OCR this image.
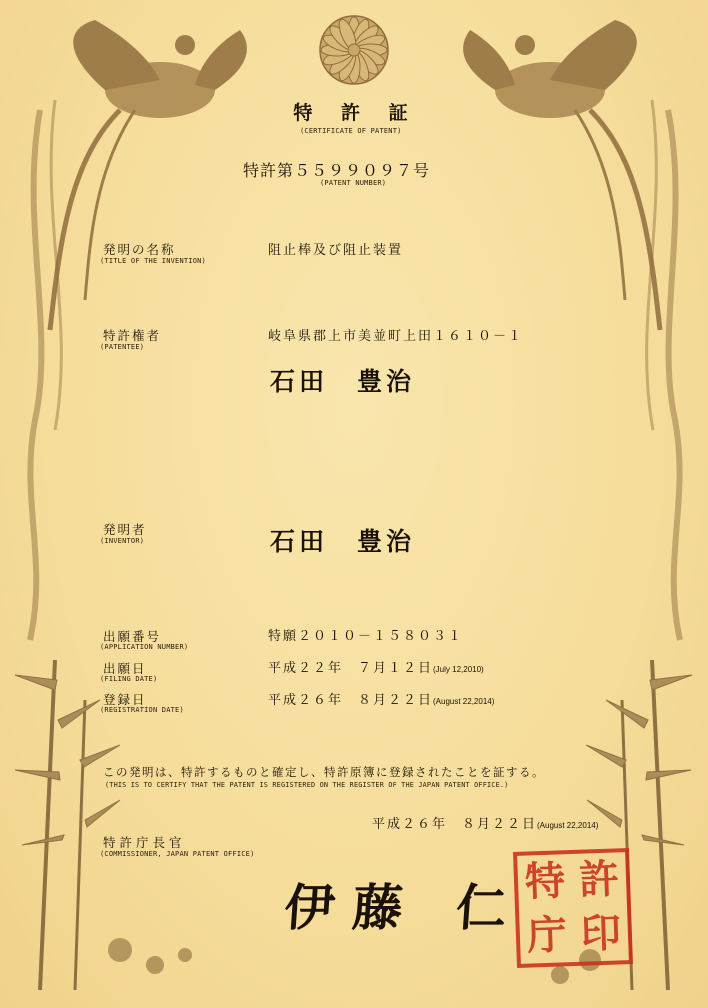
特 許 証
(CERTIFICATE OF PATENT)
特許第５５９９０９７号
(PATENT NUMBER)
発明の名称
(TITLE OF THE INVENTION)
阻止棒及び阻止装置
特許権者
(PATENTEE)
岐阜県郡上市美並町上田１６１０－１
石田　豊治
発明者
(INVENTOR)	石田　豊治
出願番号
(APPLICATION NUMBER)
特願２０１０－１５８０３１
出願日
(FILING DATE)
平成２２年　７月１２日(July 12,2010)
登録日
(REGISTRATION DATE)
平成２６年　８月２２日(August 22,2014)
この発明は、特許するものと確定し、特許原簿に登録されたことを証する。
(THIS IS TO CERTIFY THAT THE PATENT IS REGISTERED ON THE REGISTER OF THE JAPAN PATENT OFFICE.)
平成２６年　８月２２日(August 22,2014)
特許庁長官
(COMMISSIONER, JAPAN PATENT OFFICE)
伊藤 仁
特 許
庁 印
